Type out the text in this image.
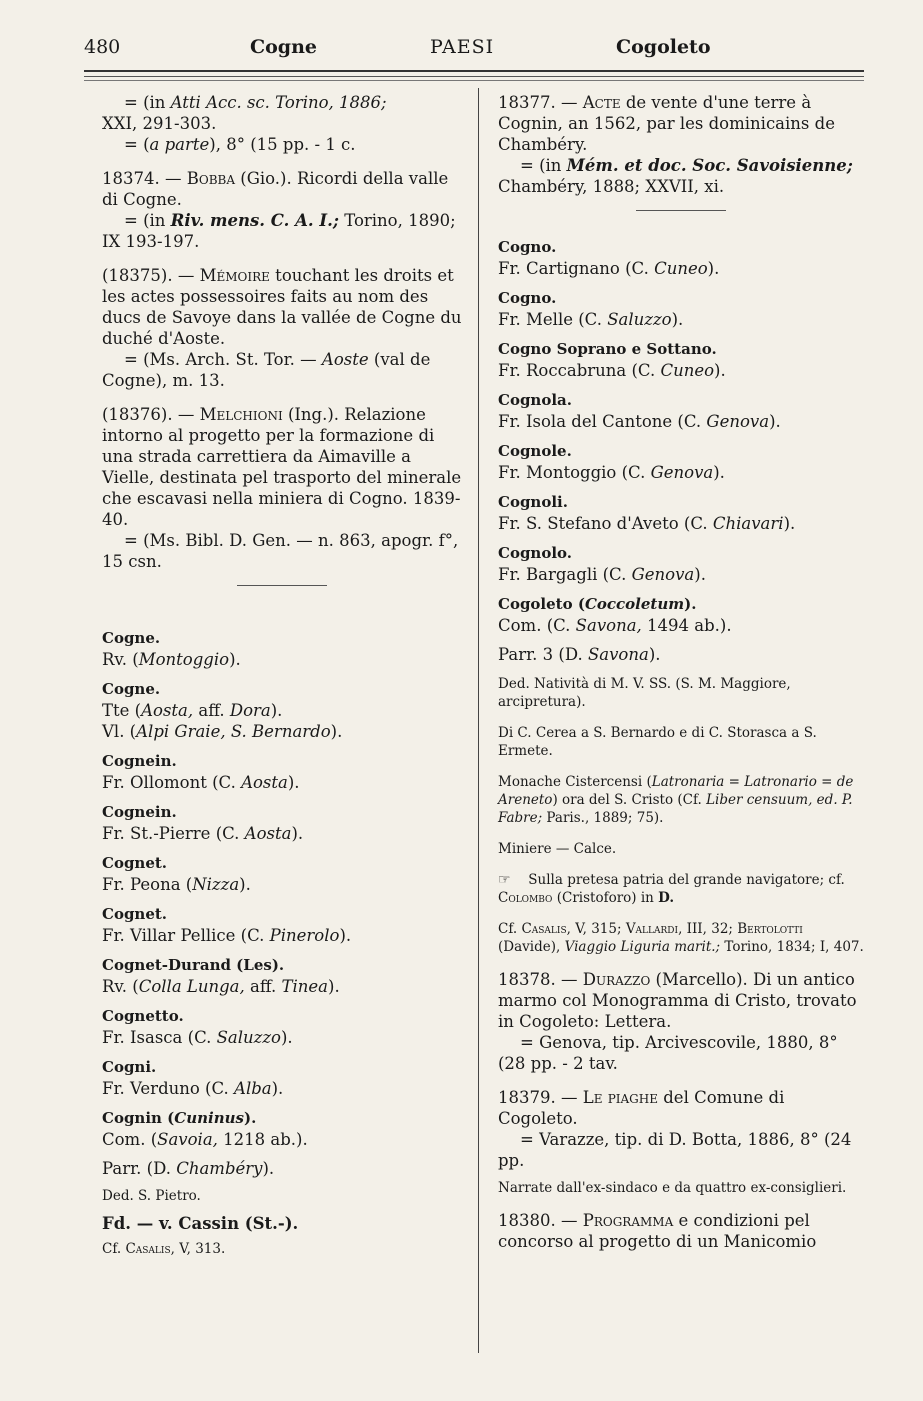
480	Cogne	PAESI	Cogoleto

= (in Atti Acc. sc. Torino, 1886;

XXI, 291-303.

= (a parte), 8° (15 pp. - 1 c.

18374. — Bobba (Gio.). Ricordi della valle di Cogne.

= (in Riv. mens. C. A. I.; Torino, 1890; IX 193-197.

(18375). — Mémoire touchant les droits et les actes possessoires faits au nom des ducs de Savoye dans la vallée de Cogne du duché d'Aoste.

= (Ms. Arch. St. Tor. — Aoste (val de Cogne), m. 13.

(18376). — Melchioni (Ing.). Relazione intorno al progetto per la formazione di una strada carrettiera da Aimaville a Vielle, destinata pel trasporto del minerale che escavasi nella miniera di Cogno. 1839-40.

= (Ms. Bibl. D. Gen. — n. 863, apogr. f°, 15 csn.

Cogne.
Rv. (Montoggio).
Cogne.
Tte (Aosta, aff. Dora).
Vl. (Alpi Graie, S. Bernardo).
Cognein.
Fr. Ollomont (C. Aosta).
Cognein.
Fr. St.-Pierre (C. Aosta).
Cognet.
Fr. Peona (Nizza).
Cognet.
Fr. Villar Pellice (C. Pinerolo).
Cognet-Durand (Les).
Rv. (Colla Lunga, aff. Tinea).
Cognetto.
Fr. Isasca (C. Saluzzo).
Cogni.
Fr. Verduno (C. Alba).
Cognin (Cuninus).
Com. (Savoia, 1218 ab.).
Parr. (D. Chambéry).
Ded. S. Pietro.
Fd. — v. Cassin (St.-).
Cf. Casalis, V, 313.

18377. — Acte de vente d'une terre à Cognin, an 1562, par les dominicains de Chambéry.

= (in Mém. et doc. Soc. Savoisienne; Chambéry, 1888; XXVII, xi.

Cogno.
Fr. Cartignano (C. Cuneo).
Cogno.
Fr. Melle (C. Saluzzo).
Cogno Soprano e Sottano.
Fr. Roccabruna (C. Cuneo).
Cognola.
Fr. Isola del Cantone (C. Genova).
Cognole.
Fr. Montoggio (C. Genova).
Cognoli.
Fr. S. Stefano d'Aveto (C. Chiavari).
Cognolo.
Fr. Bargagli (C. Genova).
Cogoleto (Coccoletum).
Com. (C. Savona, 1494 ab.).
Parr. 3 (D. Savona).

Ded. Natività di M. V. SS. (S. M. Maggiore, arcipretura).

Di C. Cerea a S. Bernardo e di C. Storasca a S. Ermete.

Monache Cistercensi (Latronaria = Latronario = de Areneto) ora del S. Cristo (Cf. Liber censuum, ed. P. Fabre; Paris., 1889; 75).

Miniere — Calce.

☞ Sulla pretesa patria del grande navigatore; cf. Colombo (Cristoforo) in D.

Cf. Casalis, V, 315; Vallardi, III, 32; Bertolotti (Davide), Viaggio Liguria marit.; Torino, 1834; I, 407.

18378. — Durazzo (Marcello). Di un antico marmo col Monogramma di Cristo, trovato in Cogoleto: Lettera.

= Genova, tip. Arcivescovile, 1880, 8° (28 pp. - 2 tav.

18379. — Le piaghe del Comune di Cogoleto.

= Varazze, tip. di D. Botta, 1886, 8° (24 pp.

Narrate dall'ex-sindaco e da quattro ex-consiglieri.

18380. — Programma e condizioni pel concorso al progetto di un Manicomio
